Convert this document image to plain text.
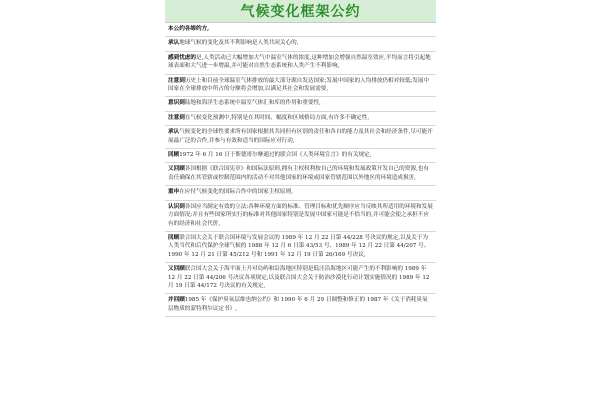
气候变化框架公约
本公约各缔约方,
承认地球气候的变化及其不利影响是人类共同关心的,
感到忧虑的是,人类活动已大幅增加大气中温室气体的浓度,这种增加会增强自然温室效应,平均而言将引起地球表面和大气进一步增温,并可能对自然生态系统和人类产生不利影响,
注意到历史上和目前全球温室气体排放的最大部分源自发达国家;发展中国家的人均排放仍相对较低;发展中国家在全球排放中所占的分额将会增加,以满足其社会和发展需要,
意识到陆地和海洋生态系统中温室气体汇和库的作用和重要性,
注意到在气候变化预测中,特别是在其时间、幅度和区域格局方面,有许多不确定性,
承认气候变化的全球性要求所有国家根据其共同但有区别的责任和各自的能力及其社会和经济条件,尽可能开展最广泛的合作,并参与有效和适当的国际应对行动,
回顾1972 年 6 月 16 日于斯德哥尔摩通过的联合国《人类环境宣言》的有关规定,
又回顾各国根据《联合国宪章》和国际法原则,拥有主权权利按自己的环境和发展政策开发自己的资源,也有责任确保在其管辖或控制范围内的活动不对其他国家的环境或国家管辖范围以外地区的环境造成损害,
重申在应付气候变化的国际合作中的国家主权原则,
认识到各国应当制定有效的立法;各种环境方面的标准、管理目标和优先顺序应当反映其所适用的环境和发展方面情况;并且有些国家所实行的标准对其他国家特别是发展中国家可能是不恰当的,并可能会使之承担不应有的经济和社会代价,
回顾联合国大会关于联合国环境与发展会议的 1989 年 12 月 22 日第 44/228 号决议的规定,以及关于为人类当代和后代保护全球气候的 1988 年 12 月 6 日第 43/53 号、1989 年 12 月 22 日第 44/207 号、1990 年 12 月 21 日第 45/212 号和 1991 年 12 月 19 日第 26/169 号决议,
又回顾联合国大会关于海平面上升对岛屿和沿海地区特别是低洼沿海地区可能产生的不利影响的 1989 年 12 月 22 日第 44/206 号决议各项规定,以及联合国大会关于防治沙漠化行动计划实施情况的 1989 年 12 月 19 日第 44/172 号决议的有关规定,
并回顾1985 年《保护臭氧层维也纳公约》和 1990 年 6 月 29 日调整和修正的 1987 年《关于消耗臭氧层物质的蒙特利尔议定书》,
